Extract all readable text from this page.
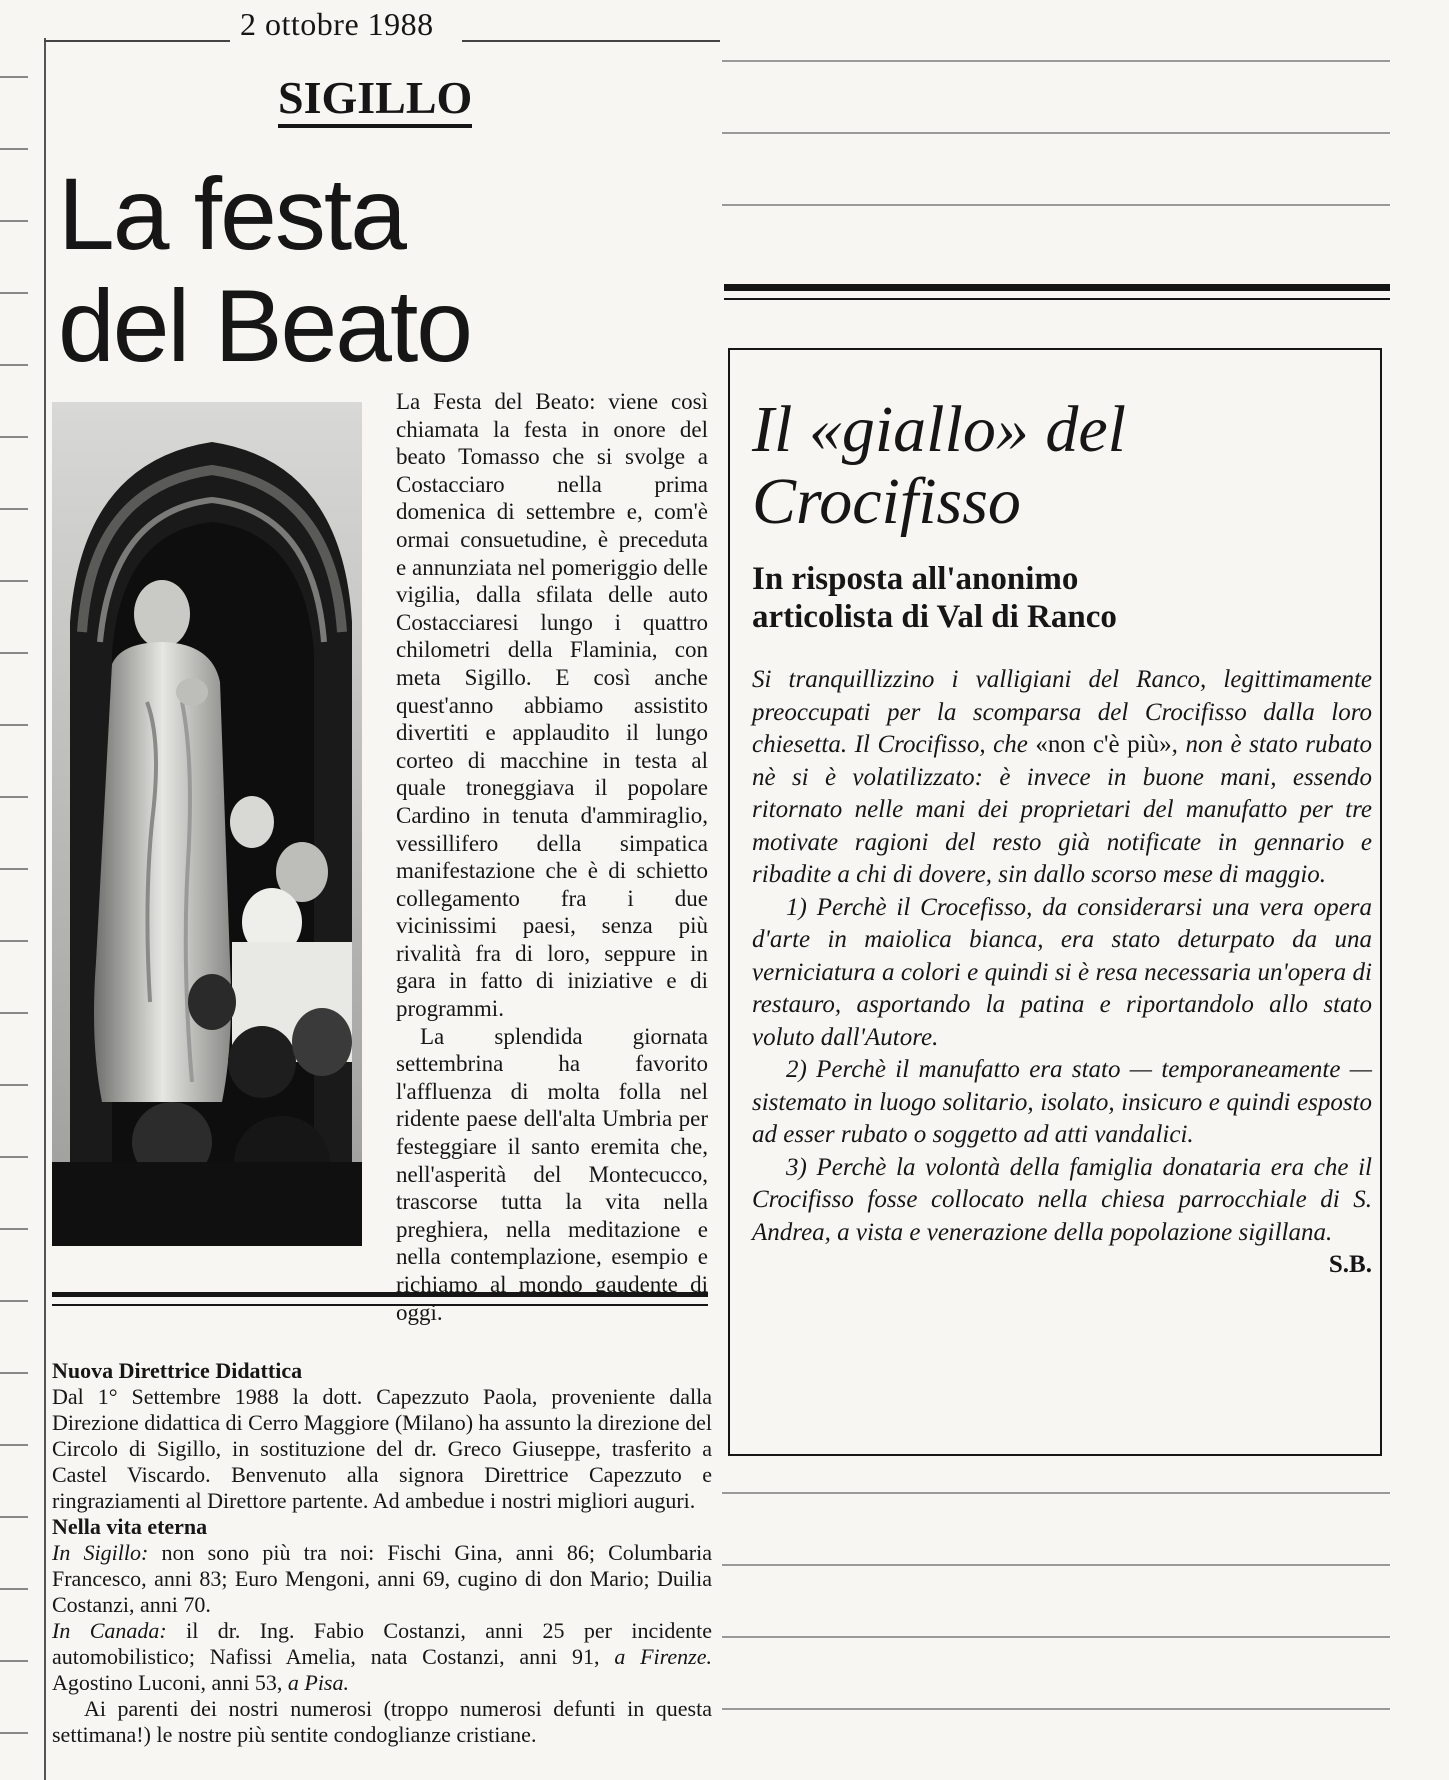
2 ottobre 1988
SIGILLO
La festa
del Beato

La Festa del Beato: viene così chiamata la festa in onore del beato Tomasso che si svolge a Costacciaro nella prima domenica di settembre e, com'è ormai consuetudine, è preceduta e annunziata nel pomeriggio delle vigilia, dalla sfilata delle auto Costacciaresi lungo i quattro chilometri della Flaminia, con meta Sigillo. E così anche quest'anno abbiamo assistito divertiti e applaudito il lungo corteo di macchine in testa al quale troneggiava il popolare Cardino in tenuta d'ammiraglio, vessillifero della simpatica manifestazione che è di schietto collegamento fra i due vicinissimi paesi, senza più rivalità fra di loro, seppure in gara in fatto di iniziative e di programmi.

La splendida giornata settembrina ha favorito l'affluenza di molta folla nel ridente paese dell'alta Umbria per festeggiare il santo eremita che, nell'asperità del Montecucco, trascorse tutta la vita nella preghiera, nella meditazione e nella contemplazione, esempio e richiamo al mondo gaudente di oggi.

Nuova Direttrice Didattica

Dal 1° Settembre 1988 la dott. Capezzuto Paola, proveniente dalla Direzione didattica di Cerro Maggiore (Milano) ha assunto la direzione del Circolo di Sigillo, in sostituzione del dr. Greco Giuseppe, trasferito a Castel Viscardo. Benvenuto alla signora Direttrice Capezzuto e ringraziamenti al Direttore partente. Ad ambedue i nostri migliori auguri.

Nella vita eterna

In Sigillo: non sono più tra noi: Fischi Gina, anni 86; Columbaria Francesco, anni 83; Euro Mengoni, anni 69, cugino di don Mario; Duilia Costanzi, anni 70.

In Canada: il dr. Ing. Fabio Costanzi, anni 25 per incidente automobilistico; Nafissi Amelia, nata Costanzi, anni 91, a Firenze. Agostino Luconi, anni 53, a Pisa.

Ai parenti dei nostri numerosi (troppo numerosi defunti in questa settimana!) le nostre più sentite condoglianze cristiane.

Il «giallo» del
Crocifisso
In risposta all'anonimo
articolista di Val di Ranco

Si tranquillizzino i valligiani del Ranco, legittimamente preoccupati per la scomparsa del Crocifisso dalla loro chiesetta. Il Crocifisso, che «non c'è più», non è stato rubato nè si è volatilizzato: è invece in buone mani, essendo ritornato nelle mani dei proprietari del manufatto per tre motivate ragioni del resto già notificate in gennario e ribadite a chi di dovere, sin dallo scorso mese di maggio.

1) Perchè il Crocefisso, da considerarsi una vera opera d'arte in maiolica bianca, era stato deturpato da una verniciatura a colori e quindi si è resa necessaria un'opera di restauro, asportando la patina e riportandolo allo stato voluto dall'Autore.

2) Perchè il manufatto era stato — temporaneamente — sistemato in luogo solitario, isolato, insicuro e quindi esposto ad esser rubato o soggetto ad atti vandalici.

3) Perchè la volontà della famiglia donataria era che il Crocifisso fosse collocato nella chiesa parrocchiale di S. Andrea, a vista e venerazione della popolazione sigillana.
S.B.
